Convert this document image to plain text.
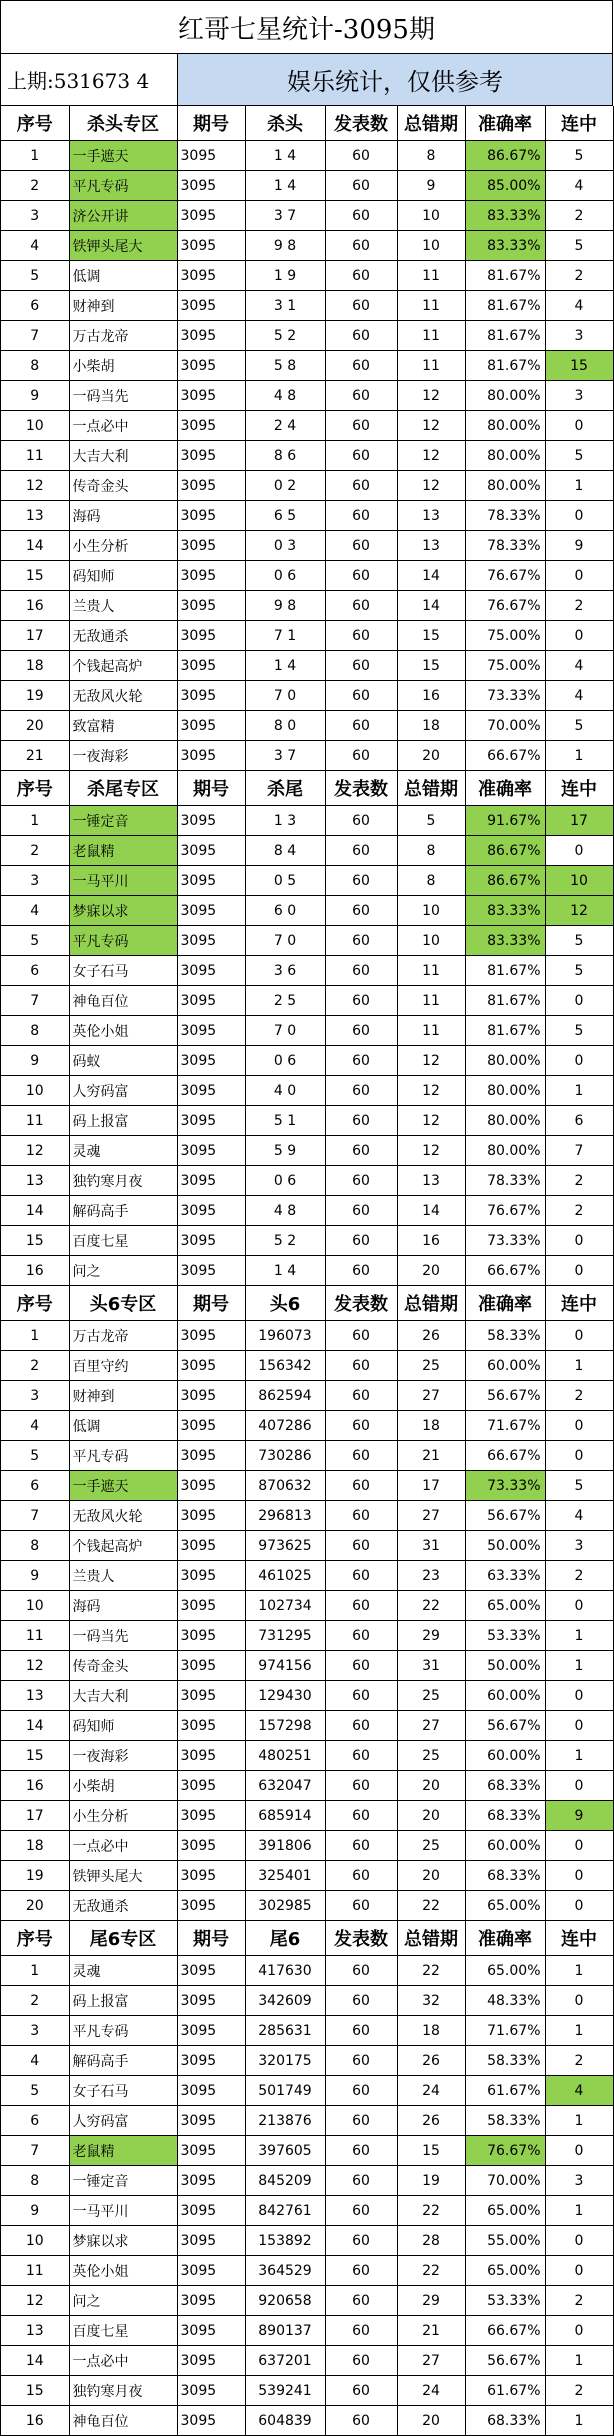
红哥七星统计-3095期
上期:531673 4	娱乐统计，仅供参考
序号	杀头专区	期号	杀头	发表数	总错期	准确率	连中
1	一手遮天	3095	1 4	60	8	86.67%	5
2	平凡专码	3095	1 4	60	9	85.00%	4
3	济公开讲	3095	3 7	60	10	83.33%	2
4	铁钾头尾大	3095	9 8	60	10	83.33%	5
5	低调	3095	1 9	60	11	81.67%	2
6	财神到	3095	3 1	60	11	81.67%	4
7	万古龙帝	3095	5 2	60	11	81.67%	3
8	小柴胡	3095	5 8	60	11	81.67%	15
9	一码当先	3095	4 8	60	12	80.00%	3
10	一点必中	3095	2 4	60	12	80.00%	0
11	大吉大利	3095	8 6	60	12	80.00%	5
12	传奇金头	3095	0 2	60	12	80.00%	1
13	海码	3095	6 5	60	13	78.33%	0
14	小生分析	3095	0 3	60	13	78.33%	9
15	码知师	3095	0 6	60	14	76.67%	0
16	兰贵人	3095	9 8	60	14	76.67%	2
17	无敌通杀	3095	7 1	60	15	75.00%	0
18	个钱起高炉	3095	1 4	60	15	75.00%	4
19	无敌风火轮	3095	7 0	60	16	73.33%	4
20	致富精	3095	8 0	60	18	70.00%	5
21	一夜海彩	3095	3 7	60	20	66.67%	1
序号	杀尾专区	期号	杀尾	发表数	总错期	准确率	连中
1	一锤定音	3095	1 3	60	5	91.67%	17
2	老鼠精	3095	8 4	60	8	86.67%	0
3	一马平川	3095	0 5	60	8	86.67%	10
4	梦寐以求	3095	6 0	60	10	83.33%	12
5	平凡专码	3095	7 0	60	10	83.33%	5
6	女子石马	3095	3 6	60	11	81.67%	5
7	神龟百位	3095	2 5	60	11	81.67%	0
8	英伦小姐	3095	7 0	60	11	81.67%	5
9	码蚁	3095	0 6	60	12	80.00%	0
10	人穷码富	3095	4 0	60	12	80.00%	1
11	码上报富	3095	5 1	60	12	80.00%	6
12	灵魂	3095	5 9	60	12	80.00%	7
13	独钓寒月夜	3095	0 6	60	13	78.33%	2
14	解码高手	3095	4 8	60	14	76.67%	2
15	百度七星	3095	5 2	60	16	73.33%	0
16	问之	3095	1 4	60	20	66.67%	0
序号	头6专区	期号	头6	发表数	总错期	准确率	连中
1	万古龙帝	3095	196073	60	26	58.33%	0
2	百里守约	3095	156342	60	25	60.00%	1
3	财神到	3095	862594	60	27	56.67%	2
4	低调	3095	407286	60	18	71.67%	0
5	平凡专码	3095	730286	60	21	66.67%	0
6	一手遮天	3095	870632	60	17	73.33%	5
7	无敌风火轮	3095	296813	60	27	56.67%	4
8	个钱起高炉	3095	973625	60	31	50.00%	3
9	兰贵人	3095	461025	60	23	63.33%	2
10	海码	3095	102734	60	22	65.00%	0
11	一码当先	3095	731295	60	29	53.33%	1
12	传奇金头	3095	974156	60	31	50.00%	1
13	大吉大利	3095	129430	60	25	60.00%	0
14	码知师	3095	157298	60	27	56.67%	0
15	一夜海彩	3095	480251	60	25	60.00%	1
16	小柴胡	3095	632047	60	20	68.33%	0
17	小生分析	3095	685914	60	20	68.33%	9
18	一点必中	3095	391806	60	25	60.00%	0
19	铁钾头尾大	3095	325401	60	20	68.33%	0
20	无敌通杀	3095	302985	60	22	65.00%	0
序号	尾6专区	期号	尾6	发表数	总错期	准确率	连中
1	灵魂	3095	417630	60	22	65.00%	1
2	码上报富	3095	342609	60	32	48.33%	0
3	平凡专码	3095	285631	60	18	71.67%	1
4	解码高手	3095	320175	60	26	58.33%	2
5	女子石马	3095	501749	60	24	61.67%	4
6	人穷码富	3095	213876	60	26	58.33%	1
7	老鼠精	3095	397605	60	15	76.67%	0
8	一锤定音	3095	845209	60	19	70.00%	3
9	一马平川	3095	842761	60	22	65.00%	1
10	梦寐以求	3095	153892	60	28	55.00%	0
11	英伦小姐	3095	364529	60	22	65.00%	0
12	问之	3095	920658	60	29	53.33%	2
13	百度七星	3095	890137	60	21	66.67%	0
14	一点必中	3095	637201	60	27	56.67%	1
15	独钓寒月夜	3095	539241	60	24	61.67%	2
16	神龟百位	3095	604839	60	20	68.33%	1
